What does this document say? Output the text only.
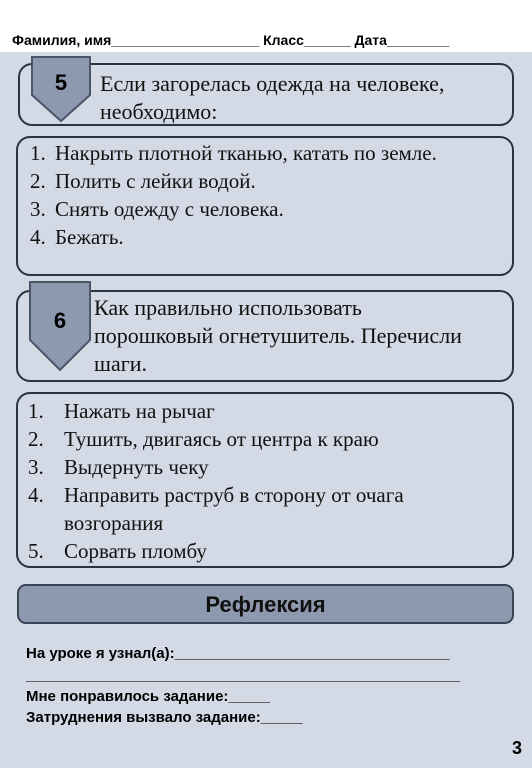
Фамилия, имя___________________ Класс______ Дата________
5	Если загорелась одежда на человеке,
необходимо:
1. Накрыть плотной тканью, катать по земле.
2. Полить с лейки водой.
3. Снять одежду с человека.
4. Бежать.
6
Как правильно использовать
порошковый огнетушитель. Перечисли
шаги.
1. Нажать на рычаг
2. Тушить, двигаясь от центра к краю
3. Выдернуть чеку
4. Направить раструб в сторону от очага возгорания
5. Сорвать пломбу
Рефлексия
На уроке я узнал(а):_________________________________
____________________________________________________
Мне понравилось задание:_____
Затруднения вызвало задание:_____
3
